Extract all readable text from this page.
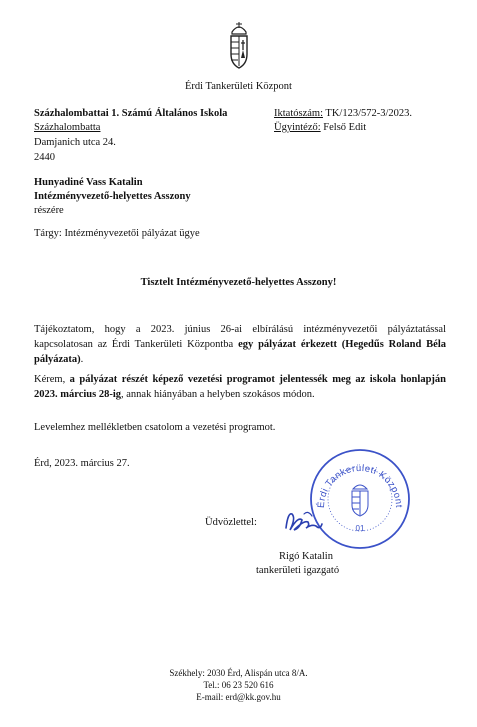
Érdi Tankerületi Központ
Százhalombattai 1. Számú Általános Iskola
Százhalombatta
Damjanich utca 24.
2440
Iktatószám: TK/123/572-3/2023.
Ügyintéző: Felső Edit
Hunyadiné Vass Katalin
Intézményvezető-helyettes Asszony
részére
Tárgy: Intézményvezetői pályázat ügye
Tisztelt Intézményvezető-helyettes Asszony!
Tájékoztatom, hogy a 2023. június 26-ai elbírálású intézményvezetői pályáztatással kapcsolatosan az Érdi Tankerületi Központba egy pályázat érkezett (Hegedűs Roland Béla pályázata).
Kérem, a pályázat részét képező vezetési programot jelentessék meg az iskola honlapján 2023. március 28-ig, annak hiányában a helyben szokásos módon.
Levelemhez mellékletben csatolom a vezetési programot.
Érd, 2023. március 27.
Üdvözlettel:
Rigó Katalin
tankerületi igazgató
Érdi Tankerületi Központ
01
Székhely: 2030 Érd, Alispán utca 8/A.
Tel.: 06 23 520 616
E-mail: erd@kk.gov.hu
